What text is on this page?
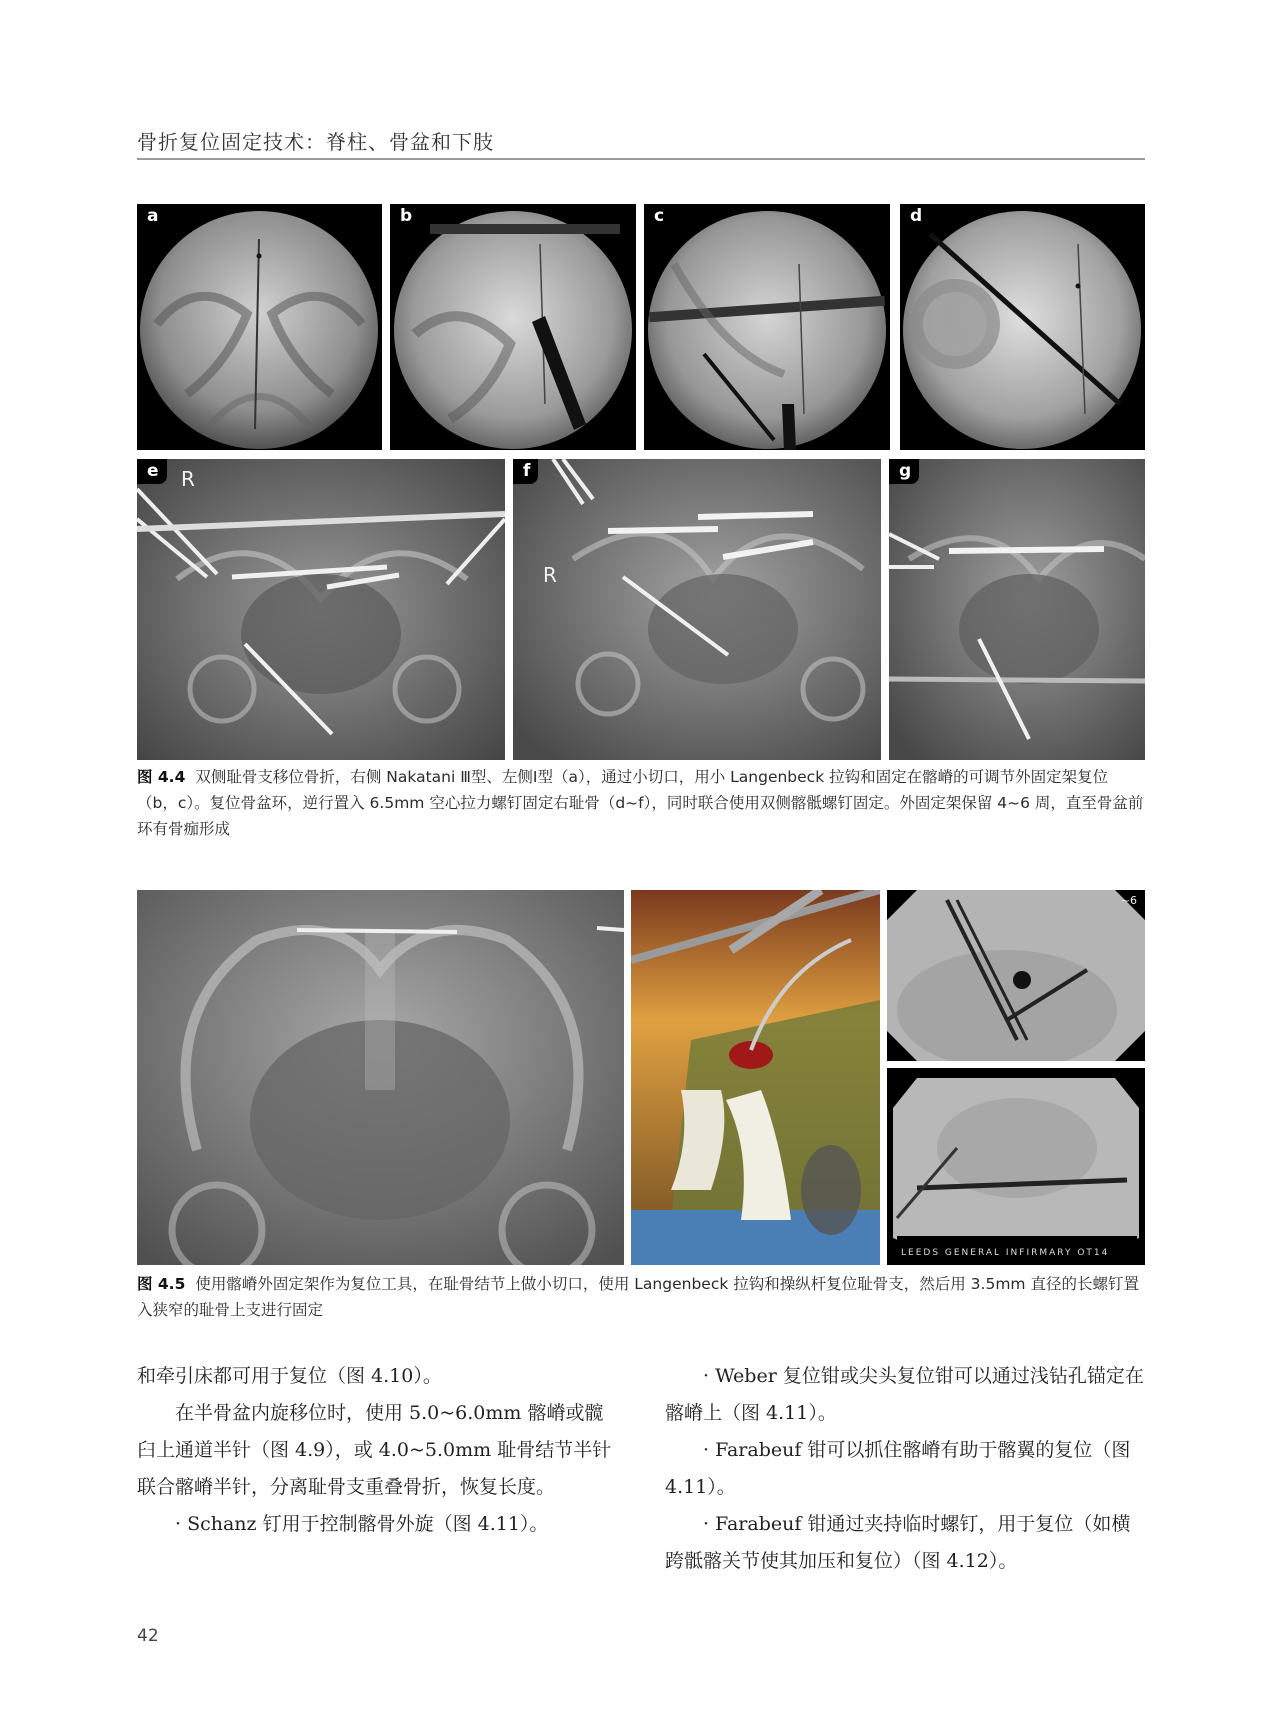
骨折复位固定技术：脊柱、骨盆和下肢
a	b	c	d
e	R	f
R
g
图 4.4 双侧耻骨支移位骨折，右侧 Nakatani Ⅲ型、左侧Ⅰ型（a），通过小切口，用小 Langenbeck 拉钩和固定在髂嵴的可调节外固定架复位（b，c）。复位骨盆环，逆行置入 6.5mm 空心拉力螺钉固定右耻骨（d~f），同时联合使用双侧髂骶螺钉固定。外固定架保留 4~6 周，直至骨盆前环有骨痂形成
~6
LEEDS GENERAL INFIRMARY OT14
图 4.5 使用髂嵴外固定架作为复位工具，在耻骨结节上做小切口，使用 Langenbeck 拉钩和操纵杆复位耻骨支，然后用 3.5mm 直径的长螺钉置入狭窄的耻骨上支进行固定

和牵引床都可用于复位（图 4.10）。

在半骨盆内旋移位时，使用 5.0~6.0mm 髂嵴或髋臼上通道半针（图 4.9），或 4.0~5.0mm 耻骨结节半针联合髂嵴半针，分离耻骨支重叠骨折，恢复长度。

· Schanz 钉用于控制髂骨外旋（图 4.11）。

· Weber 复位钳或尖头复位钳可以通过浅钻孔锚定在髂嵴上（图 4.11）。

· Farabeuf 钳可以抓住髂嵴有助于髂翼的复位（图 4.11）。

· Farabeuf 钳通过夹持临时螺钉，用于复位（如横跨骶髂关节使其加压和复位）（图 4.12）。

42
